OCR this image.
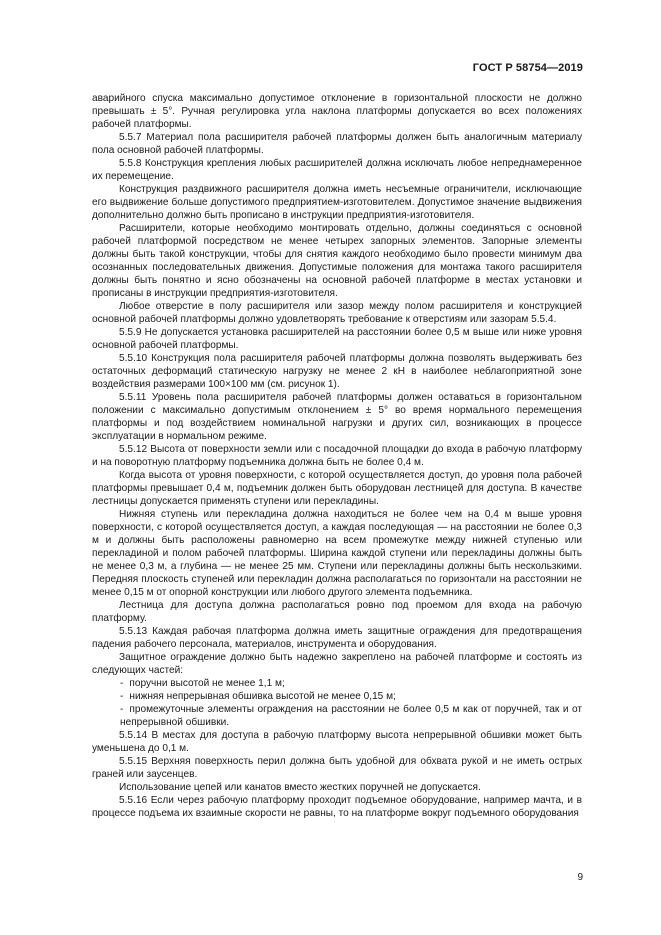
ГОСТ Р 58754—2019

аварийного спуска максимально допустимое отклонение в горизонтальной плоскости не должно превышать ± 5°. Ручная регулировка угла наклона платформы допускается во всех положениях рабочей платформы.

5.5.7 Материал пола расширителя рабочей платформы должен быть аналогичным материалу пола основной рабочей платформы.

5.5.8 Конструкция крепления любых расширителей должна исключать любое непреднамеренное их перемещение.

Конструкция раздвижного расширителя должна иметь несъемные ограничители, исключающие его выдвижение больше допустимого предприятием-изготовителем. Допустимое значение выдвижения дополнительно должно быть прописано в инструкции предприятия-изготовителя.

Расширители, которые необходимо монтировать отдельно, должны соединяться с основной рабочей платформой посредством не менее четырех запорных элементов. Запорные элементы должны быть такой конструкции, чтобы для снятия каждого необходимо было провести минимум два осознанных последовательных движения. Допустимые положения для монтажа такого расширителя должны быть понятно и ясно обозначены на основной рабочей платформе в местах установки и прописаны в инструкции предприятия-изготовителя.

Любое отверстие в полу расширителя или зазор между полом расширителя и конструкцией основной рабочей платформы должно удовлетворять требование к отверстиям или зазорам 5.5.4.

5.5.9 Не допускается установка расширителей на расстоянии более 0,5 м выше или ниже уровня основной рабочей платформы.

5.5.10 Конструкция пола расширителя рабочей платформы должна позволять выдерживать без остаточных деформаций статическую нагрузку не менее 2 кН в наиболее неблагоприятной зоне воздействия размерами 100×100 мм (см. рисунок 1).

5.5.11 Уровень пола расширителя рабочей платформы должен оставаться в горизонтальном положении с максимально допустимым отклонением ± 5° во время нормального перемещения платформы и под воздействием номинальной нагрузки и других сил, возникающих в процессе эксплуатации в нормальном режиме.

5.5.12 Высота от поверхности земли или с посадочной площадки до входа в рабочую платформу и на поворотную платформу подъемника должна быть не более 0,4 м.

Когда высота от уровня поверхности, с которой осуществляется доступ, до уровня пола рабочей платформы превышает 0,4 м, подъемник должен быть оборудован лестницей для доступа. В качестве лестницы допускается применять ступени или перекладины.

Нижняя ступень или перекладина должна находиться не более чем на 0,4 м выше уровня поверхности, с которой осуществляется доступ, а каждая последующая — на расстоянии не более 0,3 м и должны быть расположены равномерно на всем промежутке между нижней ступенью или перекладиной и полом рабочей платформы. Ширина каждой ступени или перекладины должны быть не менее 0,3 м, а глубина — не менее 25 мм. Ступени или перекладины должны быть нескользкими. Передняя плоскость ступеней или перекладин должна располагаться по горизонтали на расстоянии не менее 0,15 м от опорной конструкции или любого другого элемента подъемника.

Лестница для доступа должна располагаться ровно под проемом для входа на рабочую платформу.

5.5.13 Каждая рабочая платформа должна иметь защитные ограждения для предотвращения падения рабочего персонала, материалов, инструмента и оборудования.

Защитное ограждение должно быть надежно закреплено на рабочей платформе и состоять из следующих частей:

- поручни высотой не менее 1,1 м;

- нижняя непрерывная обшивка высотой не менее 0,15 м;

- промежуточные элементы ограждения на расстоянии не более 0,5 м как от поручней, так и от непрерывной обшивки.

5.5.14 В местах для доступа в рабочую платформу высота непрерывной обшивки может быть уменьшена до 0,1 м.

5.5.15 Верхняя поверхность перил должна быть удобной для обхвата рукой и не иметь острых граней или заусенцев.

Использование цепей или канатов вместо жестких поручней не допускается.

5.5.16 Если через рабочую платформу проходит подъемное оборудование, например мачта, и в процессе подъема их взаимные скорости не равны, то на платформе вокруг подъемного оборудования

9
